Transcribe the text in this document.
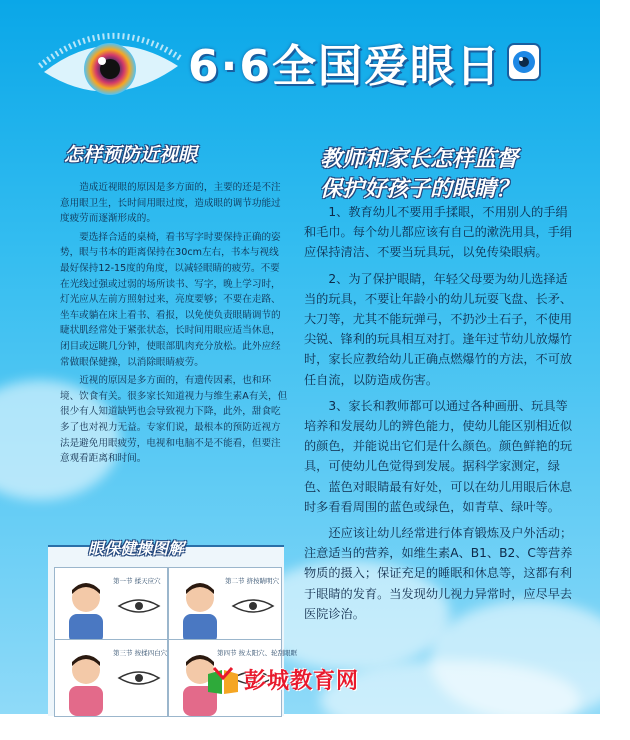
6·6全国爱眼日
怎样预防近视眼

造成近视眼的原因是多方面的，主要的还是不注意用眼卫生，长时间用眼过度，造成眼的调节功能过度疲劳而逐渐形成的。

要选择合适的桌椅，看书写字时要保持正确的姿势，眼与书本的距离保持在30cm左右，书本与视线最好保持12-15度的角度，以减轻眼睛的疲劳。不要在光线过强或过弱的场所读书、写字，晚上学习时，灯光应从左前方照射过来，亮度要够；不要在走路、坐车或躺在床上看书、看报，以免使负责眼睛调节的睫状肌经常处于紧张状态，长时间用眼应适当休息，闭目或远眺几分钟，使眼部肌肉充分放松。此外应经常做眼保健操，以消除眼睛疲劳。

近视的原因是多方面的，有遗传因素，也和环境、饮食有关。很多家长知道视力与维生素A有关，但很少有人知道缺钙也会导致视力下降，此外，甜食吃多了也对视力无益。专家们说，最根本的预防近视方法是避免用眼疲劳，电视和电脑不是不能看，但要注意观看距离和时间。

教师和家长怎样监督
保护好孩子的眼睛？

1、教育幼儿不要用手揉眼，不用别人的手绢和毛巾。每个幼儿都应该有自己的漱洗用具，手绢应保持清洁、不要当玩具玩，以免传染眼病。

2、为了保护眼睛，年轻父母要为幼儿选择适当的玩具，不要让年龄小的幼儿玩耍飞盘、长矛、大刀等，尤其不能玩弹弓，不扔沙土石子，不使用尖锐、锋利的玩具相互对打。逢年过节幼儿放爆竹时，家长应教给幼儿正确点燃爆竹的方法，不可放任自流，以防造成伤害。

3、家长和教师都可以通过各种画册、玩具等培养和发展幼儿的辨色能力，使幼儿能区别相近似的颜色，并能说出它们是什么颜色。颜色鲜艳的玩具，可使幼儿色觉得到发展。据科学家测定，绿色、蓝色对眼睛最有好处，可以在幼儿用眼后休息时多看看周围的蓝色或绿色，如青草、绿叶等。

还应该让幼儿经常进行体育锻炼及户外活动；注意适当的营养，如维生素A、B1、B2、C等营养物质的摄入；保证充足的睡眠和休息等，这都有利于眼睛的发育。当发现幼儿视力异常时，应尽早去医院诊治。

第一节 揉天应穴	第二节 挤按睛明穴
第三节 按揉四白穴	第四节 按太阳穴、轮刮眼眶
眼保健操图解
彭城教育网
